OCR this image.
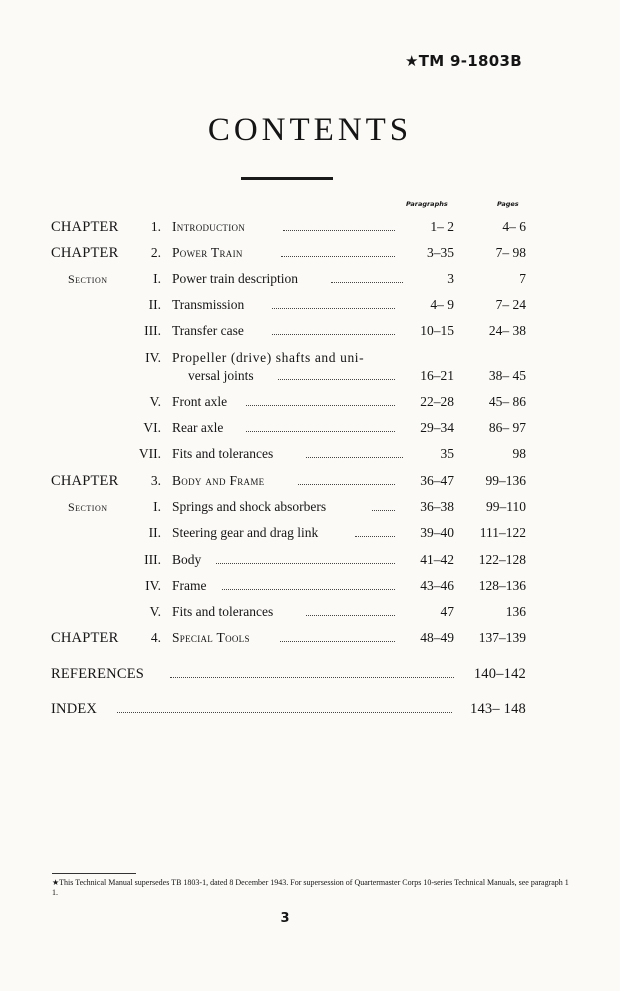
★TM 9-1803B
CONTENTS
Paragraphs	Pages
CHAPTER 1. Introduction	1– 2	4– 6
CHAPTER 2. Power Train	3–35	7– 98
Section	I. Power train description	3	7
II. Transmission	4– 9	7– 24
III. Transfer case	10–15	24– 38
IV. Propeller (drive) shafts and uni-
versal joints	16–21	38– 45
V. Front axle	22–28	45– 86
VI. Rear axle	29–34	86– 97
VII. Fits and tolerances	35	98
CHAPTER 3. Body and Frame	36–47 99–136
Section	I. Springs and shock absorbers	36–38 99–110
II. Steering gear and drag link	39–40 111–122
III. Body	41–42 122–128
IV. Frame	43–46 128–136
V. Fits and tolerances	47	136
CHAPTER 4. Special Tools	48–49 137–139
REFERENCES	140–142
INDEX	143– 148
★This Technical Manual supersedes TB 1803-1, dated 8 December 1943. For supersession of Quartermaster Corps 10-series Technical Manuals, see paragraph 1 1.
3
